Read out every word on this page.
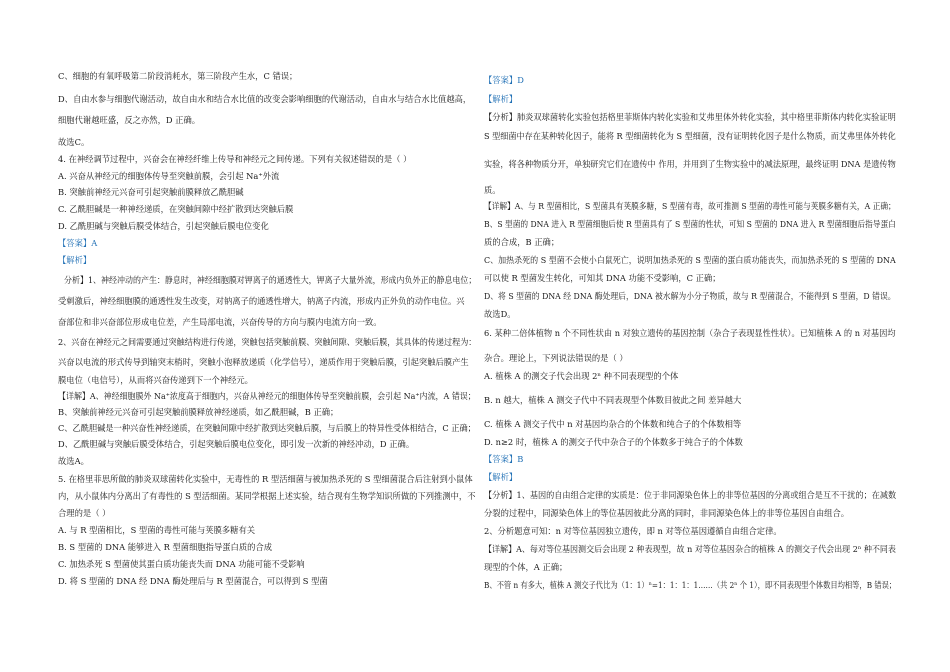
C、细胞的有氧呼吸第二阶段消耗水，第三阶段产生水，C 错误；
D、自由水参与细胞代谢活动，故自由水和结合水比值的改变会影响细胞的代谢活动，自由水与结合水比值越高，
细胞代谢越旺盛，反之亦然，D 正确。
故选C。
4. 在神经调节过程中，兴奋会在神经纤维上传导和神经元之间传递。下列有关叙述错误的是（ ）
A. 兴奋从神经元的细胞体传导至突触前膜，会引起 Na⁺外流
B. 突触前神经元兴奋可引起突触前膜释放乙酰胆碱
C. 乙酰胆碱是一种神经递质，在突触间隙中经扩散到达突触后膜
D. 乙酰胆碱与突触后膜受体结合，引起突触后膜电位变化
【答案】A
【解析】
分析】1、神经冲动的产生：静息时，神经细胞膜对钾离子的通透性大，钾离子大量外流，形成内负外正的静息电位；
受刺激后，神经细胞膜的通透性发生改变，对钠离子的通透性增大，钠离子内流，形成内正外负的动作电位。兴
奋部位和非兴奋部位形成电位差，产生局部电流，兴奋传导的方向与膜内电流方向一致。
2、兴奋在神经元之间需要通过突触结构进行传递，突触包括突触前膜、突触间隙、突触后膜，其具体的传递过程为：
兴奋以电流的形式传导到轴突末梢时，突触小泡释放递质（化学信号），递质作用于突触后膜，引起突触后膜产生
膜电位（电信号），从而将兴奋传递到下一个神经元。
【详解】A、神经细胞膜外 Na⁺浓度高于细胞内，兴奋从神经元的细胞体传导至突触前膜，会引起 Na⁺内流，A 错误；
B、突触前神经元兴奋可引起突触前膜释放神经递质，如乙酰胆碱，B 正确；
C、乙酰胆碱是一种兴奋性神经递质，在突触间隙中经扩散到达突触后膜，与后膜上的特异性受体相结合，C 正确；
D、乙酰胆碱与突触后膜受体结合，引起突触后膜电位变化，即引发一次新的神经冲动，D 正确。
故选A。
5. 在格里菲思所做的肺炎双球菌转化实验中，无毒性的 R 型活细菌与被加热杀死的 S 型细菌混合后注射到小鼠体
内，从小鼠体内分离出了有毒性的 S 型活细菌。某同学根据上述实验，结合现有生物学知识所做的下列推测中，不
合理的是（ ）
A. 与 R 型菌相比，S 型菌的毒性可能与荚膜多糖有关
B. S 型菌的 DNA 能够进入 R 型菌细胞指导蛋白质的合成
C. 加热杀死 S 型菌使其蛋白质功能丧失而 DNA 功能可能不受影响
D. 将 S 型菌的 DNA 经 DNA 酶处理后与 R 型菌混合，可以得到 S 型菌
【答案】D
【解析】
【分析】肺炎双球菌转化实验包括格里菲斯体内转化实验和艾弗里体外转化实验，其中格里菲斯体内转化实验证明
S 型细菌中存在某种转化因子，能将 R 型细菌转化为 S 型细菌，没有证明转化因子是什么物质，而艾弗里体外转化
实验，将各种物质分开，单独研究它们在遗传中 作用，并用到了生物实验中的减法原理，最终证明 DNA 是遗传物
质。
【详解】A、与 R 型菌相比，S 型菌具有荚膜多糖，S 型菌有毒，故可推测 S 型菌的毒性可能与荚膜多糖有关，A 正确；
B、S 型菌的 DNA 进入 R 型菌细胞后使 R 型菌具有了 S 型菌的性状，可知 S 型菌的 DNA 进入 R 型菌细胞后指导蛋白
质的合成，B 正确；
C、加热杀死的 S 型菌不会使小白鼠死亡，说明加热杀死的 S 型菌的蛋白质功能丧失，而加热杀死的 S 型菌的 DNA
可以使 R 型菌发生转化，可知其 DNA 功能不受影响，C 正确；
D、将 S 型菌的 DNA 经 DNA 酶处理后，DNA 被水解为小分子物质，故与 R 型菌混合，不能得到 S 型菌，D 错误。
故选D。
6. 某种二倍体植物 n 个不同性状由 n 对独立遗传的基因控制（杂合子表现显性性状）。已知植株 A 的 n 对基因均
杂合。理论上，下列说法错误的是（ ）
A. 植株 A 的测交子代会出现 2ⁿ 种不同表现型的个体
B. n 越大，植株 A 测交子代中不同表现型个体数目彼此之间 差异越大
C. 植株 A 测交子代中 n 对基因均杂合的个体数和纯合子的个体数相等
D. n≥2 时，植株 A 的测交子代中杂合子的个体数多于纯合子的个体数
【答案】B
【解析】
【分析】1、基因的自由组合定律的实质是：位于非同源染色体上的非等位基因的分离或组合是互不干扰的；在减数
分裂的过程中，同源染色体上的等位基因彼此分离的同时，非同源染色体上的非等位基因自由组合。
2、分析题意可知：n 对等位基因独立遗传，即 n 对等位基因遵循自由组合定律。
【详解】A、每对等位基因测交后会出现 2 种表现型，故 n 对等位基因杂合的植株 A 的测交子代会出现 2ⁿ 种不同表
现型的个体，A 正确；
B、不管 n 有多大，植株 A 测交子代比为（1：1）ⁿ=1：1：1：1……（共 2ⁿ 个 1），即不同表现型个体数目均相等，B 错误；
